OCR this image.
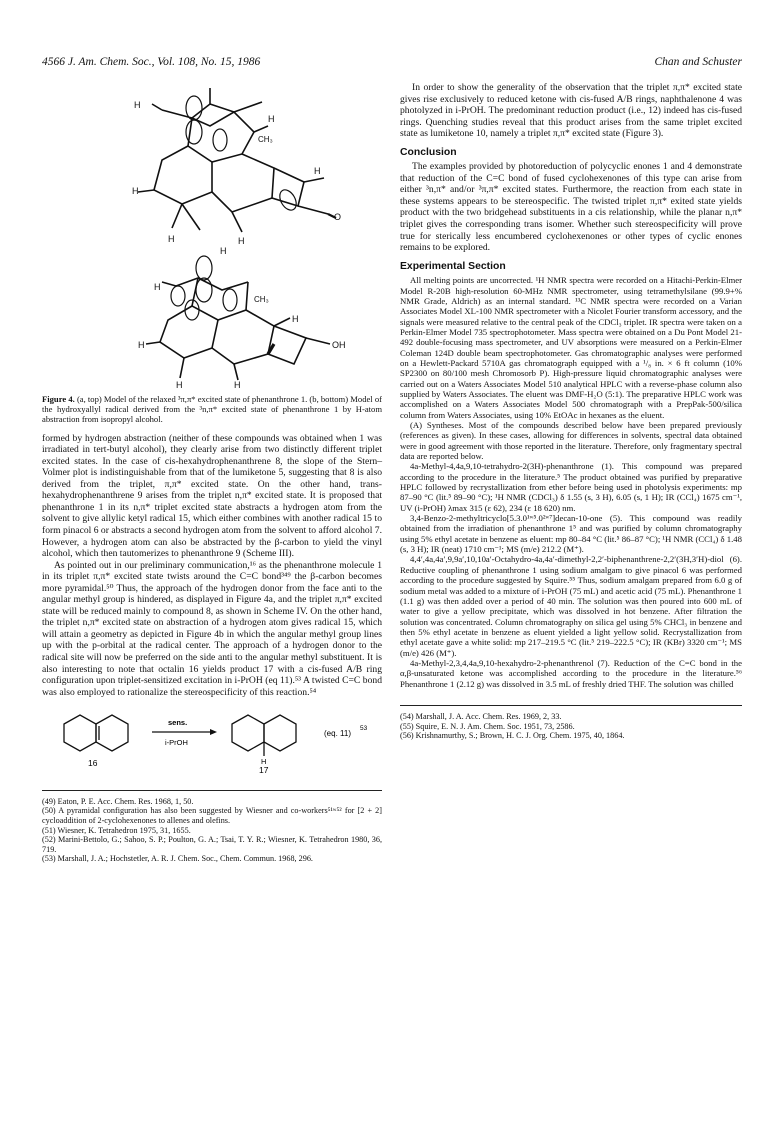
4566 J. Am. Chem. Soc., Vol. 108, No. 15, 1986	Chan and Schuster
H
H
CH₃
H
H
H	H
O
H
H
CH₃
H
H
H	H
OH
Figure 4. (a, top) Model of the relaxed ³π,π* excited state of phenanthrone 1. (b, bottom) Model of the hydroxyallyl radical derived from the ³n,π* excited state of phenanthrone 1 by H-atom abstraction from isopropyl alcohol.

formed by hydrogen abstraction (neither of these compounds was obtained when 1 was irradiated in tert-butyl alcohol), they clearly arise from two distinctly different triplet excited states. In the case of cis-hexahydrophenanthrene 8, the slope of the Stern–Volmer plot is indistinguishable from that of the lumiketone 5, suggesting that 8 is also derived from the triplet, π,π* excited state. On the other hand, trans-hexahydrophenanthrene 9 arises from the triplet n,π* excited state. It is proposed that phenanthrone 1 in its n,π* triplet excited state abstracts a hydrogen atom from the solvent to give allylic ketyl radical 15, which either combines with another radical 15 to form pinacol 6 or abstracts a second hydrogen atom from the solvent to afford alcohol 7. However, a hydrogen atom can also be abstracted by the β-carbon to yield the vinyl alcohol, which then tautomerizes to phenanthrone 9 (Scheme III).

As pointed out in our preliminary communication,¹⁶ as the phenanthrone molecule 1 in its triplet π,π* excited state twists around the C=C bond³⁴⁹ the β-carbon becomes more pyramidal.⁵⁰ Thus, the approach of the hydrogen donor from the face anti to the angular methyl group is hindered, as displayed in Figure 4a, and the triplet π,π* excited state will be reduced mainly to compound 8, as shown in Scheme IV. On the other hand, the triplet n,π* excited state on abstraction of a hydrogen atom gives radical 15, which will attain a geometry as depicted in Figure 4b in which the angular methyl group lines up with the p-orbital at the radical center. The approach of a hydrogen donor to the radical site will now be preferred on the side anti to the angular methyl substituent. It is also interesting to note that octalin 16 yields product 17 with a cis-fused A/B ring configuration upon triplet-sensitized excitation in i-PrOH (eq 11).⁵³ A twisted C=C bond was also employed to rationalize the stereospecificity of this reaction.⁵⁴

16
sens.
i-PrOH
H
17
(eq. 11)
53
(49) Eaton, P. E. Acc. Chem. Res. 1968, 1, 50.
(50) A pyramidal configuration has also been suggested by Wiesner and co-workers⁵¹ʷ⁵² for [2 + 2] cycloaddition of 2-cyclohexenones to allenes and olefins.
(51) Wiesner, K. Tetrahedron 1975, 31, 1655.
(52) Marini-Bettolo, G.; Sahoo, S. P.; Poulton, G. A.; Tsai, T. Y. R.; Wiesner, K. Tetrahedron 1980, 36, 719.
(53) Marshall, J. A.; Hochstetler, A. R. J. Chem. Soc., Chem. Commun. 1968, 296.

In order to show the generality of the observation that the triplet π,π* excited state gives rise exclusively to reduced ketone with cis-fused A/B rings, naphthalenone 4 was photolyzed in i-PrOH. The predominant reduction product (i.e., 12) indeed has cis-fused rings. Quenching studies reveal that this product arises from the same triplet excited state as lumiketone 10, namely a triplet π,π* excited state (Figure 3).

Conclusion

The examples provided by photoreduction of polycyclic enones 1 and 4 demonstrate that reduction of the C=C bond of fused cyclohexenones of this type can arise from either ³n,π* and/or ³π,π* excited states. Furthermore, the reaction from each state in these systems appears to be stereospecific. The twisted triplet π,π* exited state yields product with the two bridgehead substituents in a cis relationship, while the planar n,π* triplet gives the corresponding trans isomer. Whether such stereospecificity will prove true for sterically less encumbered cyclohexenones or other types of cyclic enones remains to be explored.

Experimental Section

All melting points are uncorrected. ¹H NMR spectra were recorded on a Hitachi-Perkin-Elmer Model R-20B high-resolution 60-MHz NMR spectrometer, using tetramethylsilane (99.9+% NMR Grade, Aldrich) as an internal standard. ¹³C NMR spectra were recorded on a Varian Associates Model XL-100 NMR spectrometer with a Nicolet Fourier transform accessory, and the signals were measured relative to the central peak of the CDCl₃ triplet. IR spectra were taken on a Perkin-Elmer Model 735 spectrophotometer. Mass spectra were obtained on a Du Pont Model 21-492 double-focusing mass spectrometer, and UV absorptions were measured on a Perkin-Elmer Coleman 124D double beam spectrophotometer. Gas chromatographic analyses were performed on a Hewlett-Packard 5710A gas chromatograph equipped with a ¹/₈ in. × 6 ft column (10% SP2300 on 80/100 mesh Chromosorb P). High-pressure liquid chromatographic analyses were carried out on a Waters Associates Model 510 analytical HPLC with a reverse-phase column also supplied by Waters Associates. The eluent was DMF-H₂O (5:1). The preparative HPLC work was accomplished on a Waters Associates Model 500 chromatograph with a PrepPak-500/silica column from Waters Associates, using 10% EtOAc in hexanes as the eluent.

(A) Syntheses. Most of the compounds described below have been prepared previously (references as given). In these cases, allowing for differences in solvents, spectral data obtained were in good agreement with those reported in the literature. Therefore, only fragmentary spectral data are reported below.

4a-Methyl-4,4a,9,10-tetrahydro-2(3H)-phenanthrone (1). This compound was prepared according to the procedure in the literature.⁵ The product obtained was purified by preparative HPLC followed by recrystallization from ether before being used in photolysis experiments: mp 87–90 °C (lit.⁵ 89–90 °C); ¹H NMR (CDCl₃) δ 1.55 (s, 3 H), 6.05 (s, 1 H); IR (CCl₄) 1675 cm⁻¹, UV (i-PrOH) λmax 315 (ε 62), 234 (ε 18 620) nm.

3,4-Benzo-2-methyltricyclo[5.3.0¹ʷ⁵.0²ʷ⁷]decan-10-one (5). This compound was readily obtained from the irradiation of phenanthrone 1⁵ and was purified by column chromatography using 5% ethyl acetate in benzene as eluent: mp 80–84 °C (lit.⁵ 86–87 °C); ¹H NMR (CCl₄) δ 1.48 (s, 3 H); IR (neat) 1710 cm⁻¹; MS (m/e) 212.2 (M⁺).

4,4′,4a,4a′,9,9a′,10,10a′-Octahydro-4a,4a′-dimethyl-2,2′-biphenanthrene-2,2′(3H,3′H)-diol (6). Reductive coupling of phenanthrone 1 using sodium amalgam to give pinacol 6 was performed according to the procedure suggested by Squire.⁵⁵ Thus, sodium amalgam prepared from 6.0 g of sodium metal was added to a mixture of i-PrOH (75 mL) and acetic acid (75 mL). Phenanthrone 1 (1.1 g) was then added over a period of 40 min. The solution was then poured into 600 mL of water to give a yellow precipitate, which was dissolved in hot benzene. After filtration the solution was concentrated. Column chromatography on silica gel using 5% CHCl₃ in benzene and then 5% ethyl acetate in benzene as eluent yielded a light yellow solid. Recrystallization from ethyl acetate gave a white solid: mp 217–219.5 °C (lit.⁵ 219–222.5 °C); IR (KBr) 3320 cm⁻¹; MS (m/e) 426 (M⁺).

4a-Methyl-2,3,4,4a,9,10-hexahydro-2-phenanthrenol (7). Reduction of the C=C bond in the α,β-unsaturated ketone was accomplished according to the procedure in the literature.⁵⁶ Phenanthrone 1 (2.12 g) was dissolved in 3.5 mL of freshly dried THF. The solution was chilled

(54) Marshall, J. A. Acc. Chem. Res. 1969, 2, 33.
(55) Squire, E. N. J. Am. Chem. Soc. 1951, 73, 2586.
(56) Krishnamurthy, S.; Brown, H. C. J. Org. Chem. 1975, 40, 1864.
